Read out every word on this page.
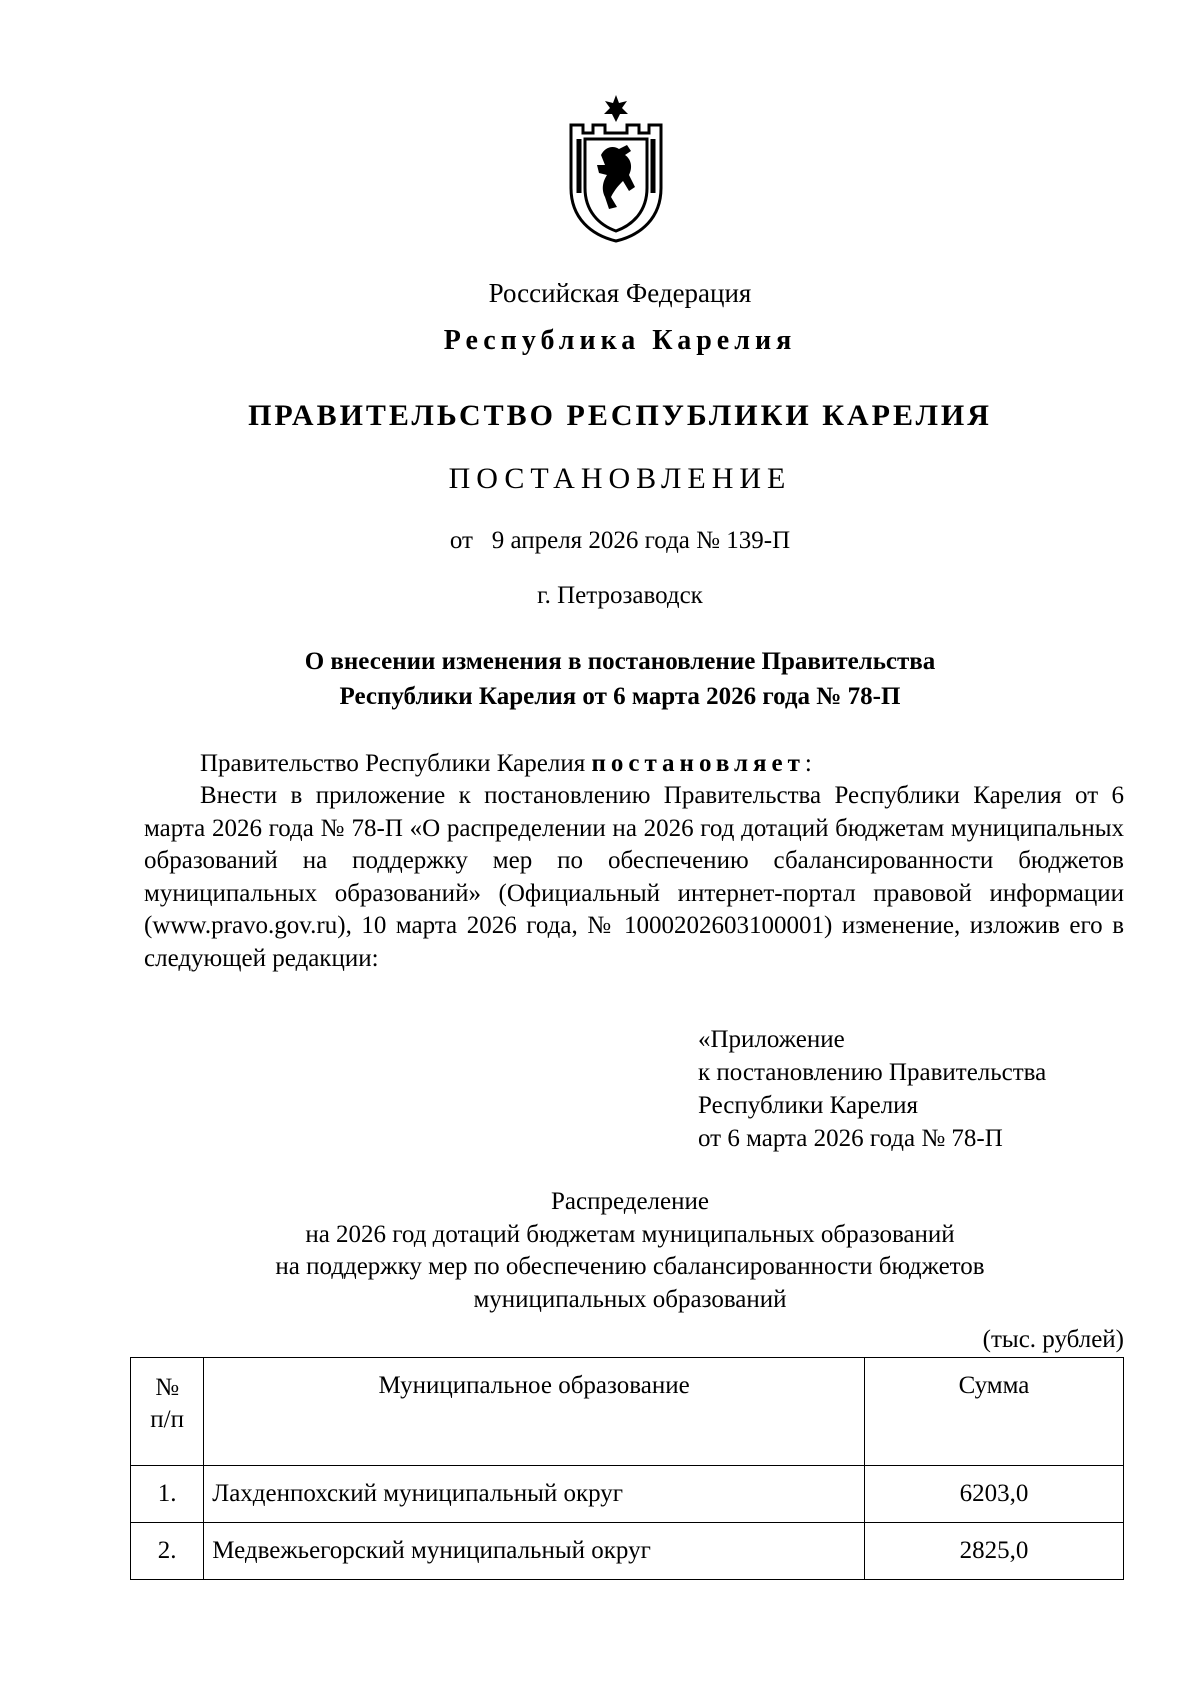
Российская Федерация
Республика Карелия
ПРАВИТЕЛЬСТВО РЕСПУБЛИКИ КАРЕЛИЯ
ПОСТАНОВЛЕНИЕ
от   9 апреля 2026 года № 139-П
г. Петрозаводск
О внесении изменения в постановление Правительства
Республики Карелия от 6 марта 2026 года № 78-П
Правительство Республики Карелия постановляет:
Внести в приложение к постановлению Правительства Республики Карелия от 6 марта 2026 года № 78-П «О распределении на 2026 год дотаций бюджетам муниципальных образований на поддержку мер по обеспечению сбалансированности бюджетов муниципальных образований» (Официальный интернет-портал правовой информации (www.pravo.gov.ru), 10 марта 2026 года, № 1000202603100001) изменение, изложив его в следующей редакции:
«Приложение
к постановлению Правительства
Республики Карелия
от 6 марта 2026 года № 78-П
Распределение
на 2026 год дотаций бюджетам муниципальных образований
на поддержку мер по обеспечению сбалансированности бюджетов
муниципальных образований
(тыс. рублей)
№
п/п	Муниципальное образование	Сумма
1.	Лахденпохский муниципальный округ	6203,0
2.	Медвежьегорский муниципальный округ	2825,0
